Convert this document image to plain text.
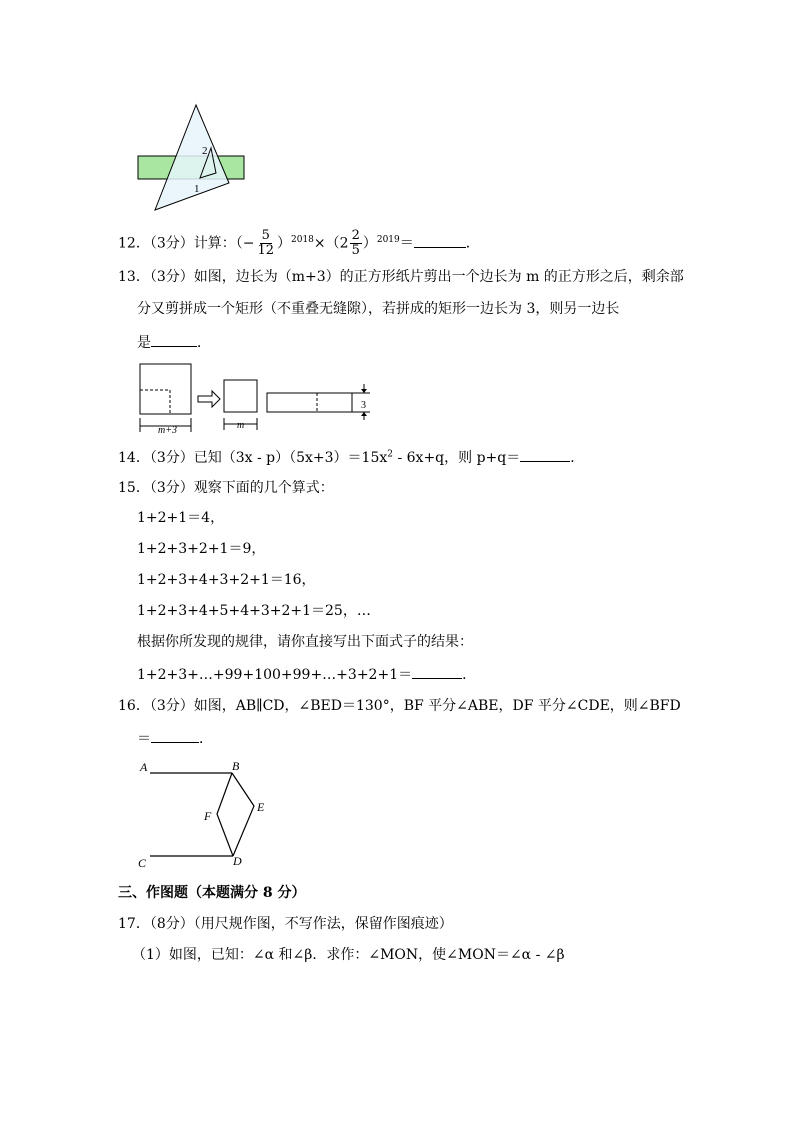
2
1
12．（3分）计算：（− $\frac{5}{12} )^{2018}\times(2 \frac{2}{5} )^{2019}=$	．
13．（3分）如图，边长为（m+3）的正方形纸片剪出一个边长为 m 的正方形之后，剩余部
分又剪拼成一个矩形（不重叠无缝隙），若拼成的矩形一边长为 3，则另一边长
是	．
m+3	m
3
14．（3分）已知$(3x - p)(5x+3)=15x^2 - 6x+q$，则 p+q＝	．
15．（3分）观察下面的几个算式：
1+2+1＝4，
1+2+3+2+1＝9，
1+2+3+4+3+2+1＝16，
1+2+3+4+5+4+3+2+1＝25，…
根据你所发现的规律，请你直接写出下面式子的结果：
1+2+3+…+99+100+99+…+3+2+1＝	．
16．（3分）如图，AB∥CD，∠BED＝130°，BF 平分∠ABE，DF 平分∠CDE，则∠BFD
＝	．
A	B
E
F
C	D
三、作图题（本题满分 8 分）
17．（8分）（用尺规作图，不写作法，保留作图痕迹）
（1）如图，已知：∠α 和∠β．求作：∠MON，使∠MON＝∠α - ∠β
